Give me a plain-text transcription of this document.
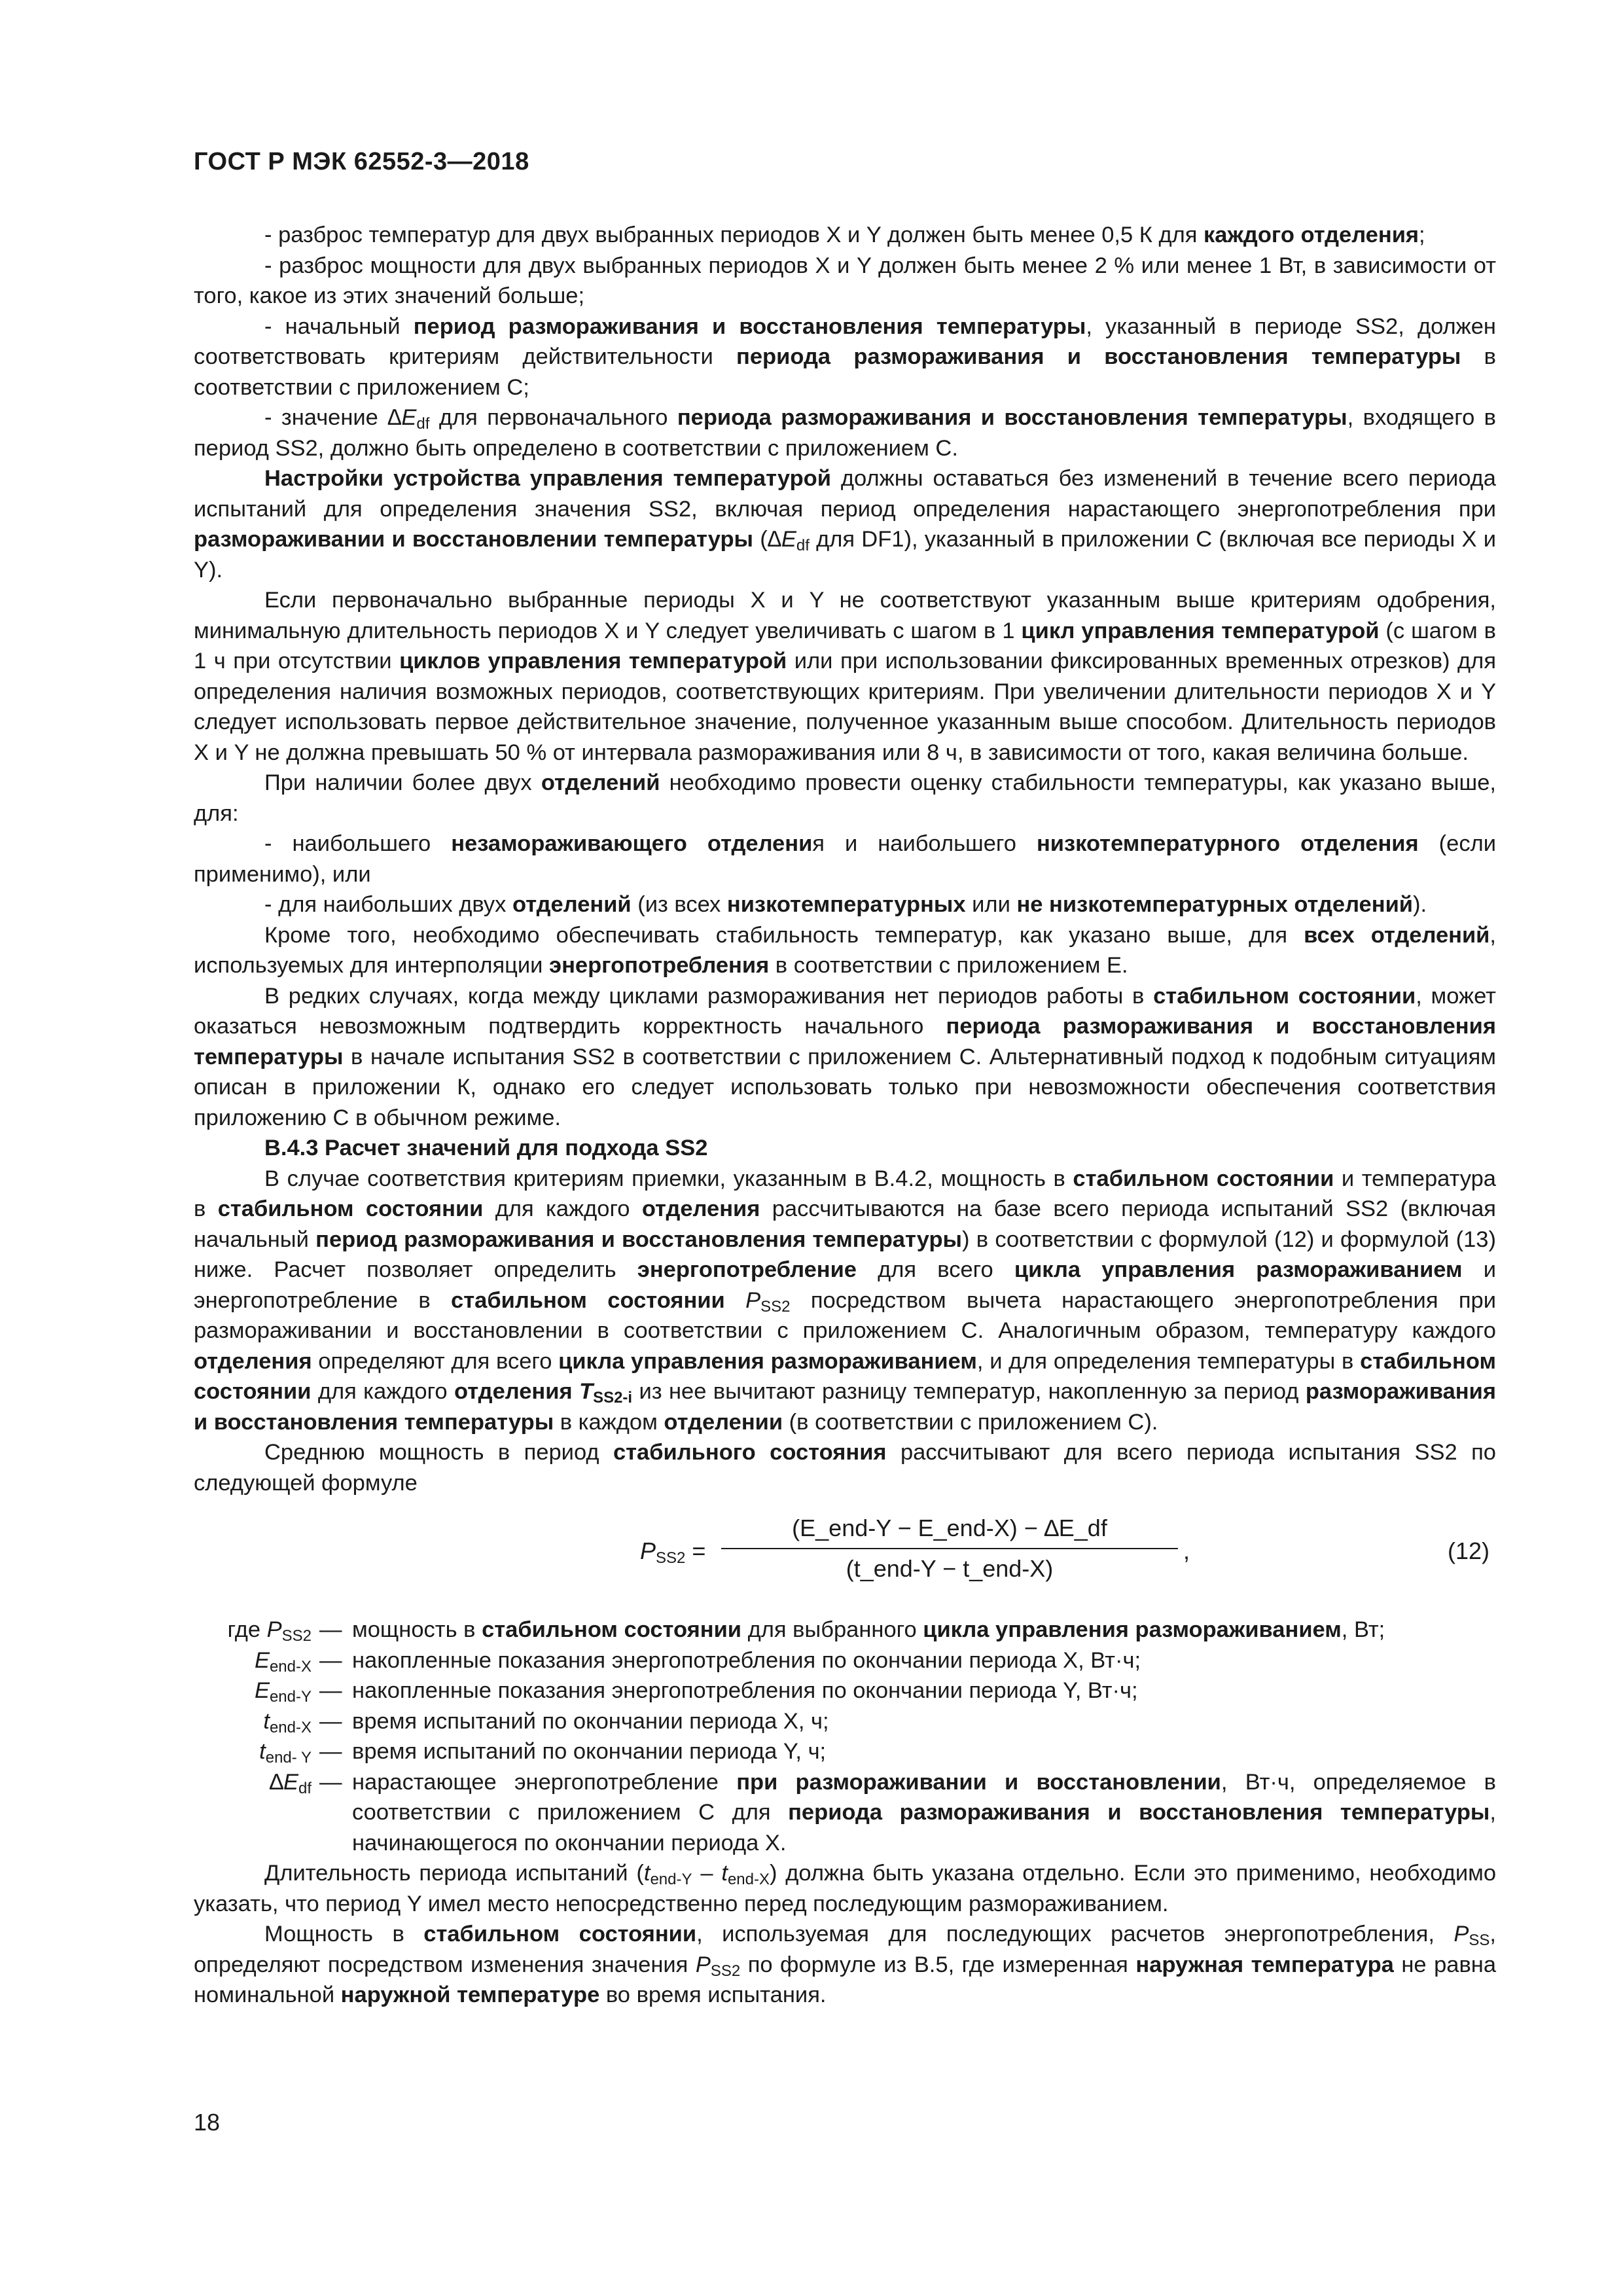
ГОСТ Р МЭК 62552-3—2018

- разброс температур для двух выбранных периодов X и Y должен быть менее 0,5 К для каждого отделения;

- разброс мощности для двух выбранных периодов X и Y должен быть менее 2 % или менее 1 Вт, в зависимости от того, какое из этих значений больше;

- начальный период размораживания и восстановления температуры, указанный в периоде SS2, должен соответствовать критериям действительности периода размораживания и восстановления температуры в соответствии с приложением С;

- значение $\Delta E_{df}$ для первоначального периода размораживания и восстановления температуры, входящего в период SS2, должно быть определено в соответствии с приложением С.

Настройки устройства управления температурой должны оставаться без изменений в течение всего периода испытаний для определения значения SS2, включая период определения нарастающего энергопотребления при размораживании и восстановлении температуры ($\Delta E_{df}$ для DF1), указанный в приложении С (включая все периоды X и Y).

Если первоначально выбранные периоды X и Y не соответствуют указанным выше критериям одобрения, минимальную длительность периодов X и Y следует увеличивать с шагом в 1 цикл управления температурой (с шагом в 1 ч при отсутствии циклов управления температурой или при использовании фиксированных временных отрезков) для определения наличия возможных периодов, соответствующих критериям. При увеличении длительности периодов X и Y следует использовать первое действительное значение, полученное указанным выше способом. Длительность периодов X и Y не должна превышать 50 % от интервала размораживания или 8 ч, в зависимости от того, какая величина больше.

При наличии более двух отделений необходимо провести оценку стабильности температуры, как указано выше, для:

- наибольшего незамораживающего отделения и наибольшего низкотемпературного отделения (если применимо), или

- для наибольших двух отделений (из всех низкотемпературных или не низкотемпературных отделений).

Кроме того, необходимо обеспечивать стабильность температур, как указано выше, для всех отделений, используемых для интерполяции энергопотребления в соответствии с приложением Е.

В редких случаях, когда между циклами размораживания нет периодов работы в стабильном состоянии, может оказаться невозможным подтвердить корректность начального периода размораживания и восстановления температуры в начале испытания SS2 в соответствии с приложением С. Альтернативный подход к подобным ситуациям описан в приложении К, однако его следует использовать только при невозможности обеспечения соответствия приложению С в обычном режиме.

В.4.3 Расчет значений для подхода SS2

В случае соответствия критериям приемки, указанным в В.4.2, мощность в стабильном состоянии и температура в стабильном состоянии для каждого отделения рассчитываются на базе всего периода испытаний SS2 (включая начальный период размораживания и восстановления температуры) в соответствии с формулой (12) и формулой (13) ниже. Расчет позволяет определить энергопотребление для всего цикла управления размораживанием и энергопотребление в стабильном состоянии $P_{SS2}$ посредством вычета нарастающего энергопотребления при размораживании и восстановлении в соответствии с приложением С. Аналогичным образом, температуру каждого отделения определяют для всего цикла управления размораживанием, и для определения температуры в стабильном состоянии для каждого отделения $T_{SS2-i}$ из нее вычитают разницу температур, накопленную за период размораживания и восстановления температуры в каждом отделении (в соответствии с приложением С).

Среднюю мощность в период стабильного состояния рассчитывают для всего периода испытания SS2 по следующей формуле

$P_{SS2}$ =
(E_end-Y − E_end-X) − ∆E_df
(t_end-Y − t_end-X)
,	(12)
где $P_{SS2}$ — мощность в стабильном состоянии для выбранного цикла управления размораживанием, Вт;
$E_{end-X}$ — накопленные показания энергопотребления по окончании периода X, Вт·ч;
$E_{end-Y}$ — накопленные показания энергопотребления по окончании периода Y, Вт·ч;
$t_{end-X}$ — время испытаний по окончании периода X, ч;
$t_{end- Y}$ — время испытаний по окончании периода Y, ч;
$\Delta E_{df}$ — нарастающее энергопотребление при размораживании и восстановлении, Вт·ч, определяемое в соответствии с приложением С для периода размораживания и восстановления температуры, начинающегося по окончании периода X.

Длительность периода испытаний $(t_{end-Y} - t_{end-X})$ должна быть указана отдельно. Если это применимо, необходимо указать, что период Y имел место непосредственно перед последующим размораживанием.

Мощность в стабильном состоянии, используемая для последующих расчетов энергопотребления, $P_{SS}$, определяют посредством изменения значения $P_{SS2}$ по формуле из В.5, где измеренная наружная температура не равна номинальной наружной температуре во время испытания.

18
